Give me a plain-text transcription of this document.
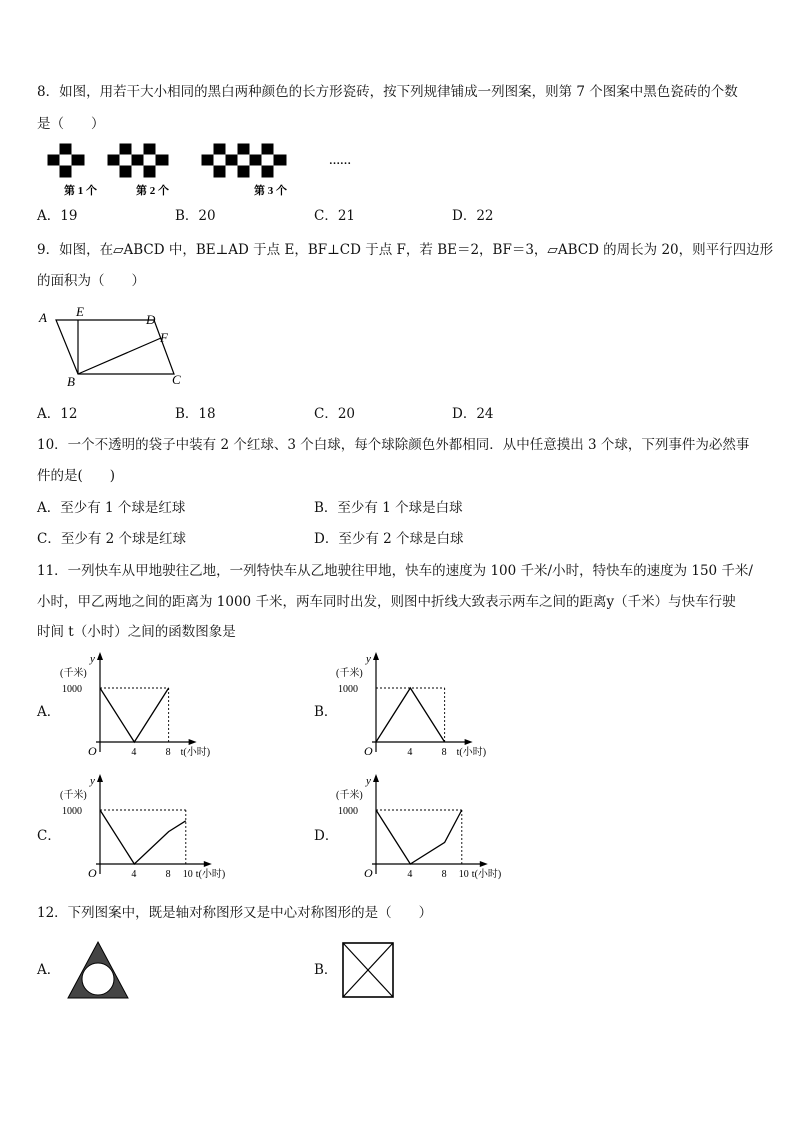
8．如图，用若干大小相同的黑白两种颜色的长方形瓷砖，按下列规律铺成一列图案，则第 7 个图案中黑色瓷砖的个数
是（　　）
第 1 个	第 2 个	第 3 个
……
A．19	B．20	C．21	D．22
9．如图，在▱ABCD 中，BE⊥AD 于点 E，BF⊥CD 于点 F，若 BE＝2，BF＝3，▱ABCD 的周长为 20，则平行四边形
的面积为（　　）
A E
D
F
B	C
A．12	B．18	C．20	D．24
10．一个不透明的袋子中装有 2 个红球、3 个白球，每个球除颜色外都相同．从中任意摸出 3 个球，下列事件为必然事
件的是(　　)
A．至少有 1 个球是红球	B．至少有 1 个球是白球
C．至少有 2 个球是红球	D．至少有 2 个球是白球
11．一列快车从甲地驶往乙地，一列特快车从乙地驶往甲地，快车的速度为 100 千米/小时，特快车的速度为 150 千米/
小时，甲乙两地之间的距离为 1000 千米，两车同时出发，则图中折线大致表示两车之间的距离y（千米）与快车行驶
时间 t（小时）之间的函数图象是
A．	B．
C．	D．
y
(千米)
1000
O	4	8 t(小时)
y
(千米)
1000
O	4	8 t(小时)
y
(千米)
1000
O	4	8 10 t(小时)
y
(千米)
1000
O	4	8 10 t(小时)
12．下列图案中，既是轴对称图形又是中心对称图形的是（　　）
A．	B．
